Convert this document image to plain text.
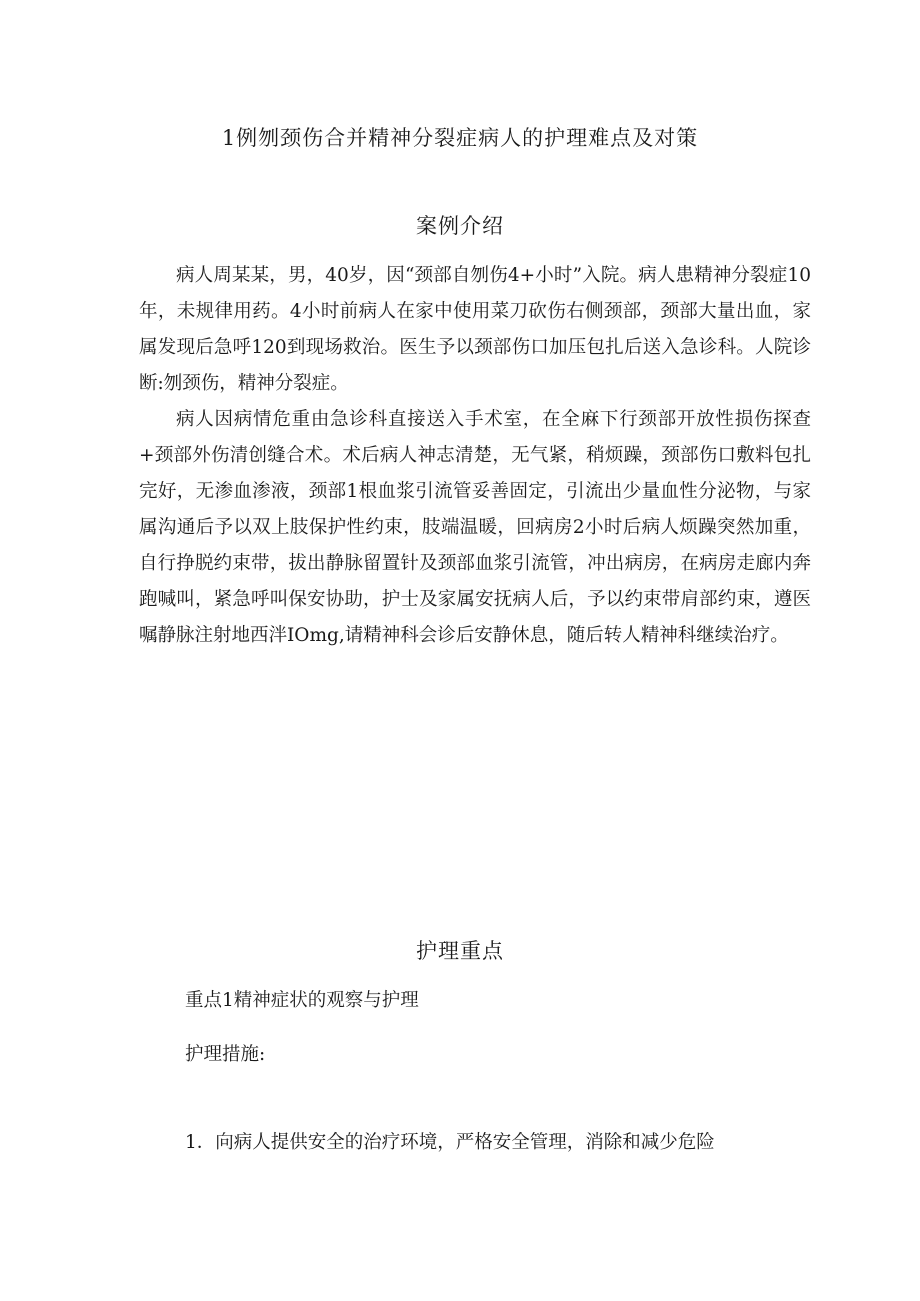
1例刎颈伤合并精神分裂症病人的护理难点及对策
案例介绍

病人周某某，男，40岁，因“颈部自刎伤4+小时”入院。病人患精神分裂症10年，未规律用药。4小时前病人在家中使用菜刀砍伤右侧颈部，颈部大量出血，家属发现后急呼120到现场救治。医生予以颈部伤口加压包扎后送入急诊科。人院诊断:刎颈伤，精神分裂症。

病人因病情危重由急诊科直接送入手术室，在全麻下行颈部开放性损伤探查+颈部外伤清创缝合术。术后病人神志清楚，无气紧，稍烦躁，颈部伤口敷料包扎完好，无渗血渗液，颈部1根血浆引流管妥善固定，引流出少量血性分泌物，与家属沟通后予以双上肢保护性约束，肢端温暖，回病房2小时后病人烦躁突然加重，自行挣脱约束带，拔出静脉留置针及颈部血浆引流管，冲出病房，在病房走廊内奔跑喊叫，紧急呼叫保安协助，护士及家属安抚病人后，予以约束带肩部约束，遵医嘱静脉注射地西泮IOmg,请精神科会诊后安静休息，随后转人精神科继续治疗。

护理重点

重点1精神症状的观察与护理

护理措施:

1．向病人提供安全的治疗环境，严格安全管理，消除和减少危险
